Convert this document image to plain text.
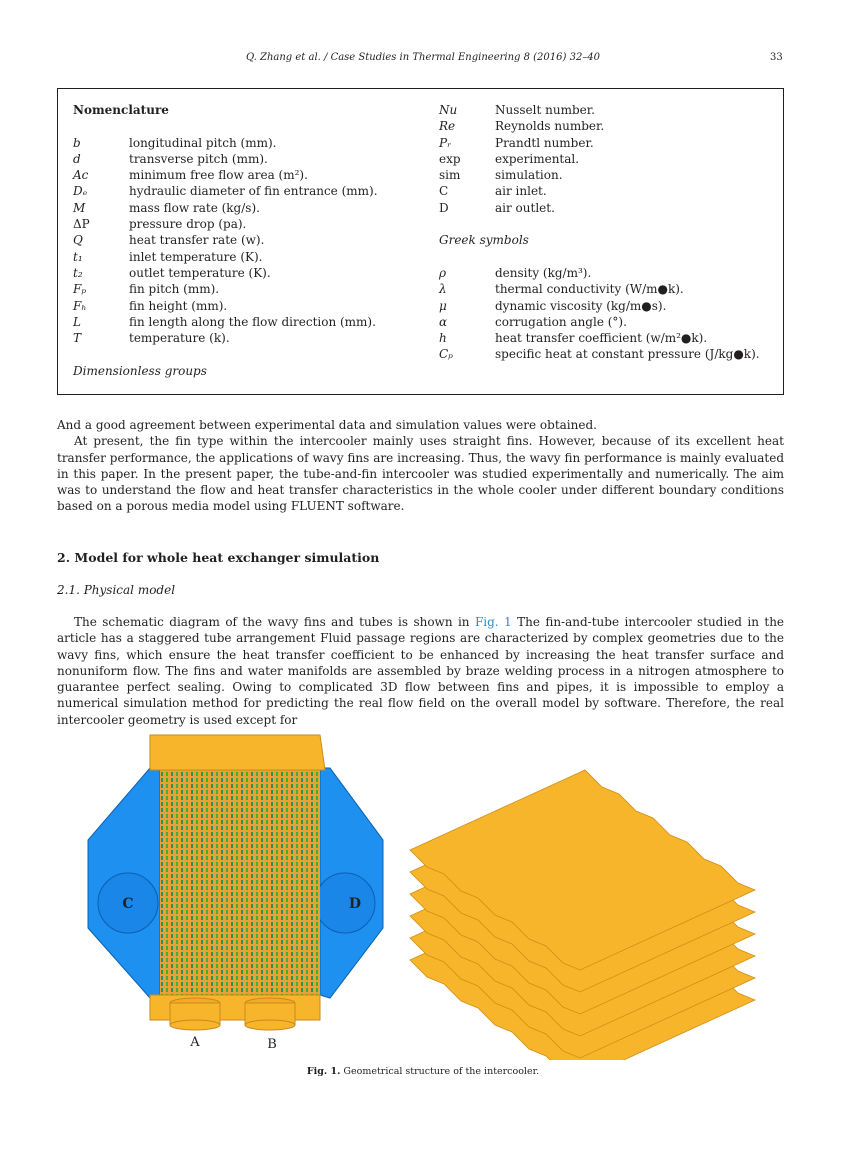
Q. Zhang et al. / Case Studies in Thermal Engineering 8 (2016) 32–40	33
Nomenclature
b	longitudinal pitch (mm).
d	transverse pitch (mm).
Ac	minimum free flow area (m²).
Dₑ	hydraulic diameter of fin entrance (mm).
M	mass flow rate (kg/s).
ΔP	pressure drop (pa).
Q	heat transfer rate (w).
t₁	inlet temperature (K).
t₂	outlet temperature (K).
Fₚ	fin pitch (mm).
Fₕ	fin height (mm).
L	fin length along the flow direction (mm).
T	temperature (k).
Dimensionless groups
Nu	Nusselt number.
Re	Reynolds number.
Pᵣ	Prandtl number.
exp	experimental.
sim	simulation.
C	air inlet.
D	air outlet.
Greek symbols
ρ	density (kg/m³).
λ	thermal conductivity (W/m●k).
μ	dynamic viscosity (kg/m●s).
α	corrugation angle (°).
h	heat transfer coefficient (w/m²●k).
Cₚ	specific heat at constant pressure (J/kg●k).

And a good agreement between experimental data and simulation values were obtained.

At present, the fin type within the intercooler mainly uses straight fins. However, because of its excellent heat transfer performance, the applications of wavy fins are increasing. Thus, the wavy fin performance is mainly evaluated in this paper. In the present paper, the tube-and-fin intercooler was studied experimentally and numerically. The aim was to understand the flow and heat transfer characteristics in the whole cooler under different boundary conditions based on a porous media model using FLUENT software.

2. Model for whole heat exchanger simulation
2.1. Physical model
The schematic diagram of the wavy fins and tubes is shown in Fig. 1 The fin-and-tube intercooler studied in the article has a staggered tube arrangement Fluid passage regions are characterized by complex geometries due to the wavy fins, which ensure the heat transfer coefficient to be enhanced by increasing the heat transfer surface and nonuniform flow. The fins and water manifolds are assembled by braze welding process in a nitrogen atmosphere to guarantee perfect sealing. Owing to complicated 3D flow between fins and pipes, it is impossible to employ a numerical simulation method for predicting the real flow field on the overall model by software. Therefore, the real intercooler geometry is used except for
C	D
A	B
Fig. 1. Geometrical structure of the intercooler.
